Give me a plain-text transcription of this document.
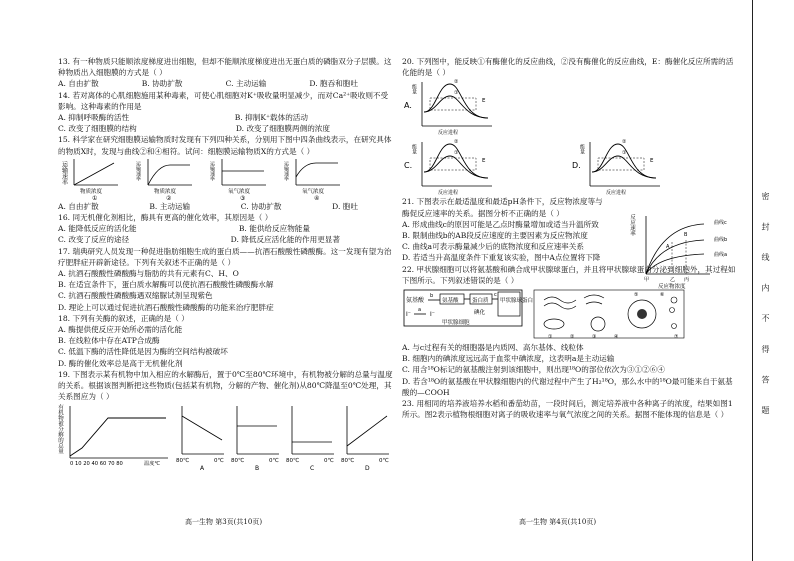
密 封 线 内 不 得 答 题

13. 有一种物质只能顺浓度梯度进出细胞，但却不能顺浓度梯度进出无蛋白质的磷脂双分子层膜。这种物质出入细胞膜的方式是（ ）

A. 自由扩散	B. 协助扩散	C. 主动运输	D. 胞吞和胞吐

14. 若对离体的心肌细胞施用某种毒素，可使心肌细胞对K⁺吸收量明显减少，而对Ca²⁺吸收则不受影响。这种毒素的作用是

A. 抑制呼吸酶的活性	B. 抑制K⁺载体的活动
C. 改变了细胞膜的结构	D. 改变了细胞膜两侧的浓度

15. 科学家在研究细胞膜运输物质时发现有下列四种关系，分别用下图中四条曲线表示，在研究具体的物质X时，发现与曲线②和④相符。试问：细胞膜运输物质X的方式是（ ）

运输速率
物质浓度
①
运输速率
物质浓度
②
运输速率
氧气浓度
③
运输速率
氧气浓度
④
A. 自由扩散	B. 主动运输	C. 协助扩散	D. 胞吐

16. 同无机催化剂相比，酶具有更高的催化效率，其原因是（ ）

A. 能降低反应的活化能	B. 能供给反应物能量
C. 改变了反应的途径	D. 降低反应活化能的作用更显著

17. 瑞典研究人员发现一种促进脂肪细胞生成的蛋白质——抗酒石酸酸性磷酸酶。这一发现有望为治疗肥胖症开辟新途径。下列有关叙述不正确的是（ ）

A. 抗酒石酸酸性磷酸酶与脂肪的共有元素有C、H、O
B. 在适宜条件下，蛋白质水解酶可以使抗酒石酸酸性磷酸酶水解
C. 抗酒石酸酸性磷酸酶遇双缩脲试剂呈现紫色
D. 理论上可以通过促进抗酒石酸酸性磷酸酶的功能来治疗肥胖症

18. 下列有关酶的叙述，正确的是（ ）

A. 酶提供使反应开始所必需的活化能
B. 在线粒体中存在ATP合成酶
C. 低温下酶的活性降低是因为酶的空间结构被破坏
D. 酶的催化效率总是高于无机催化剂

19. 下图表示某有机物中加入相应的水解酶后，置于0℃至80℃环境中，有机物被分解的总量与温度的关系。根据该图判断把这些物质(包括某有机物，分解的产物、催化剂)从80℃降温至0℃处理，其关系图应为（ ）

有机物被分解的总量
0 10 20 40 60 70 80	温度℃	80℃	0℃
A
80℃	0℃
B
80℃	0℃
C
80℃	0℃
D
高一生物 第3页(共10页)

20. 下列图中，能反映①有酶催化的反应曲线，②没有酶催化的反应曲线，E：酶催化反应所需的活化能的是（ ）

A.
能量	①
②
E
反应进程
C.
能量	①
②
E
反应进程
D.
能量	①
②
E
反应进程

21. 下图表示在最适温度和最适pH条件下，反应物浓度等与酶促反应速率的关系。据图分析不正确的是（ ）

A. 形成曲线c的原因可能是乙点时酶量增加或适当升温所致
B. 限制曲线b的AB段反应速度的主要因素为反应物浓度
C. 曲线a可表示酶量减少后的底物浓度和反应速率关系
D. 若适当升高温度条件下重复该实验，图中A点位置将下降
反应速率	曲线c
曲线b
曲线a
A
B
甲	乙 丙
反应物浓度

22. 甲状腺细胞可以将氨基酸和碘合成甲状腺球蛋白，并且将甲状腺球蛋白分泌到细胞外，其过程如下图所示。下列叙述错误的是（ ）

氨基酸
b
氨基酸 蛋白质
碘化
c
甲状腺球蛋白
I⁻
a
I⁻
甲状腺细胞
①	②	③	④
⑤	⑥
⑦
A. 与c过程有关的细胞器是内质网、高尔基体、线粒体
B. 细胞内的碘浓度远远高于血浆中碘浓度，这表明a是主动运输
C. 用含¹⁸O标记的氨基酸注射到该细胞中，则出现¹⁸O的部位依次为③①②⑥④
D. 若含¹⁸O的氨基酸在甲状腺细胞内的代谢过程中产生了H₂¹⁸O，那么水中的¹⁸O最可能来自于氨基酸的—COOH

23. 用相同的培养液培养水稻和番茄幼苗，一段时间后，测定培养液中各种离子的浓度，结果如图1所示。图2表示植物根细胞对离子的吸收速率与氧气浓度之间的关系。据图不能体现的信息是（ ）

高一生物 第4页(共10页)
